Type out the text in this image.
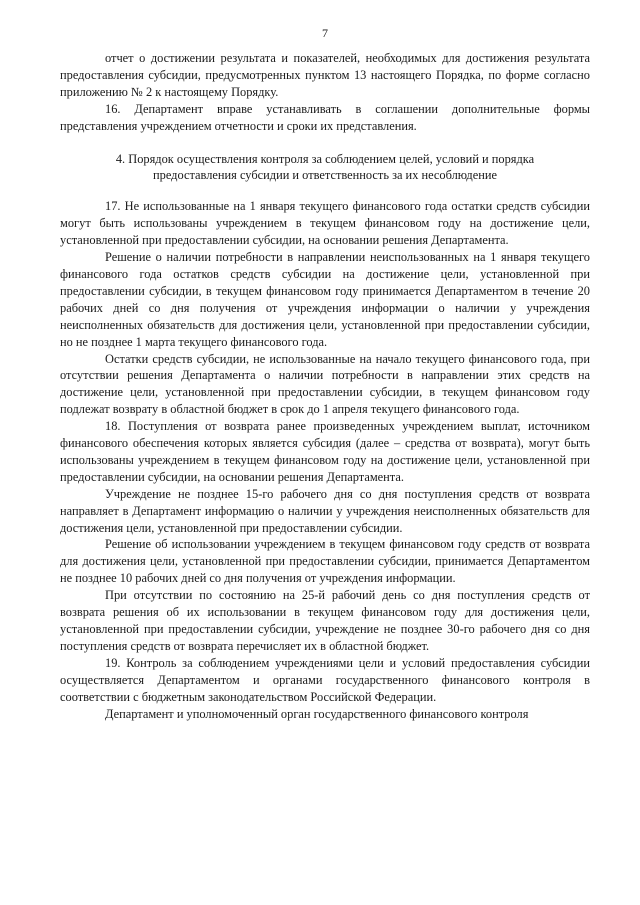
7

отчет о достижении результата и показателей, необходимых для достижения результата предоставления субсидии, предусмотренных пунктом 13 настоящего Порядка, по форме согласно приложению № 2 к настоящему Порядку.

16. Департамент вправе устанавливать в соглашении дополнительные формы представления учреждением отчетности и сроки их представления.

4. Порядок осуществления контроля за соблюдением целей, условий и порядка
предоставления субсидии и ответственность за их несоблюдение

17. Не использованные на 1 января текущего финансового года остатки средств субсидии могут быть использованы учреждением в текущем финансовом году на достижение цели, установленной при предоставлении субсидии, на основании решения Департамента.

Решение о наличии потребности в направлении неиспользованных на 1 января текущего финансового года остатков средств субсидии на достижение цели, установленной при предоставлении субсидии, в текущем финансовом году принимается Департаментом в течение 20 рабочих дней со дня получения от учреждения информации о наличии у учреждения неисполненных обязательств для достижения цели, установленной при предоставлении субсидии, но не позднее 1 марта текущего финансового года.

Остатки средств субсидии, не использованные на начало текущего финансового года, при отсутствии решения Департамента о наличии потребности в направлении этих средств на достижение цели, установленной при предоставлении субсидии, в текущем финансовом году подлежат возврату в областной бюджет в срок до 1 апреля текущего финансового года.

18. Поступления от возврата ранее произведенных учреждением выплат, источником финансового обеспечения которых является субсидия (далее – средства от возврата), могут быть использованы учреждением в текущем финансовом году на достижение цели, установленной при предоставлении субсидии, на основании решения Департамента.

Учреждение не позднее 15-го рабочего дня со дня поступления средств от возврата направляет в Департамент информацию о наличии у учреждения неисполненных обязательств для достижения цели, установленной при предоставлении субсидии.

Решение об использовании учреждением в текущем финансовом году средств от возврата для достижения цели, установленной при предоставлении субсидии, принимается Департаментом не позднее 10 рабочих дней со дня получения от учреждения информации.

При отсутствии по состоянию на 25-й рабочий день со дня поступления средств от возврата решения об их использовании в текущем финансовом году для достижения цели, установленной при предоставлении субсидии, учреждение не позднее 30-го рабочего дня со дня поступления средств от возврата перечисляет их в областной бюджет.

19. Контроль за соблюдением учреждениями цели и условий предоставления субсидии осуществляется Департаментом и органами государственного финансового контроля в соответствии с бюджетным законодательством Российской Федерации.

Департамент и уполномоченный орган государственного финансового контроля
